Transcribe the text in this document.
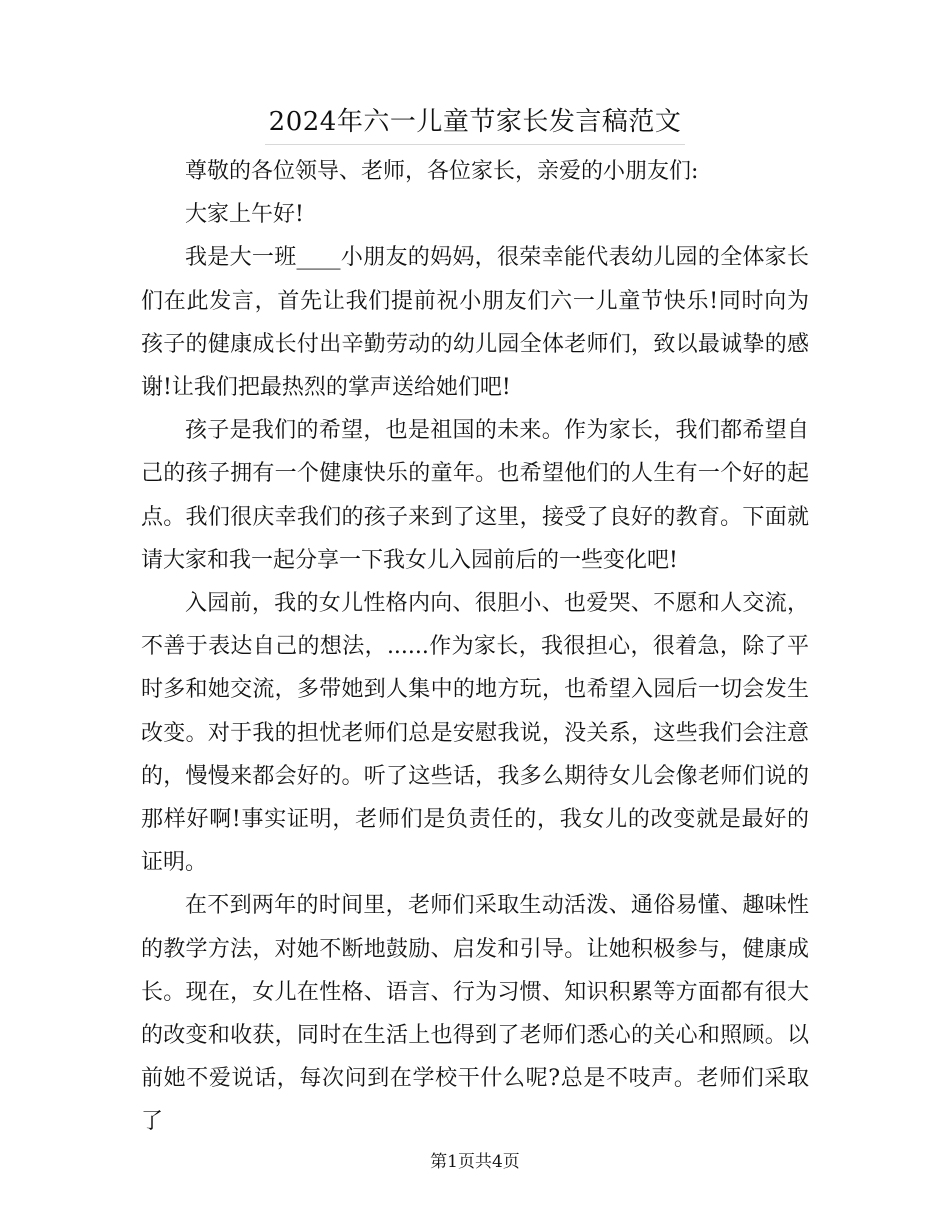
2024年六一儿童节家长发言稿范文

尊敬的各位领导、老师，各位家长，亲爱的小朋友们:

大家上午好!

我是大一班____小朋友的妈妈，很荣幸能代表幼儿园的全体家长们在此发言，首先让我们提前祝小朋友们六一儿童节快乐!同时向为孩子的健康成长付出辛勤劳动的幼儿园全体老师们，致以最诚挚的感谢!让我们把最热烈的掌声送给她们吧!

孩子是我们的希望，也是祖国的未来。作为家长，我们都希望自己的孩子拥有一个健康快乐的童年。也希望他们的人生有一个好的起点。我们很庆幸我们的孩子来到了这里，接受了良好的教育。下面就请大家和我一起分享一下我女儿入园前后的一些变化吧!

入园前，我的女儿性格内向、很胆小、也爱哭、不愿和人交流，不善于表达自己的想法，......作为家长，我很担心，很着急，除了平时多和她交流，多带她到人集中的地方玩，也希望入园后一切会发生改变。对于我的担忧老师们总是安慰我说，没关系，这些我们会注意的，慢慢来都会好的。听了这些话，我多么期待女儿会像老师们说的那样好啊!事实证明，老师们是负责任的，我女儿的改变就是最好的证明。

在不到两年的时间里，老师们采取生动活泼、通俗易懂、趣味性的教学方法，对她不断地鼓励、启发和引导。让她积极参与，健康成长。现在，女儿在性格、语言、行为习惯、知识积累等方面都有很大的改变和收获，同时在生活上也得到了老师们悉心的关心和照顾。以前她不爱说话，每次问到在学校干什么呢?总是不吱声。老师们采取了

第1页共4页
